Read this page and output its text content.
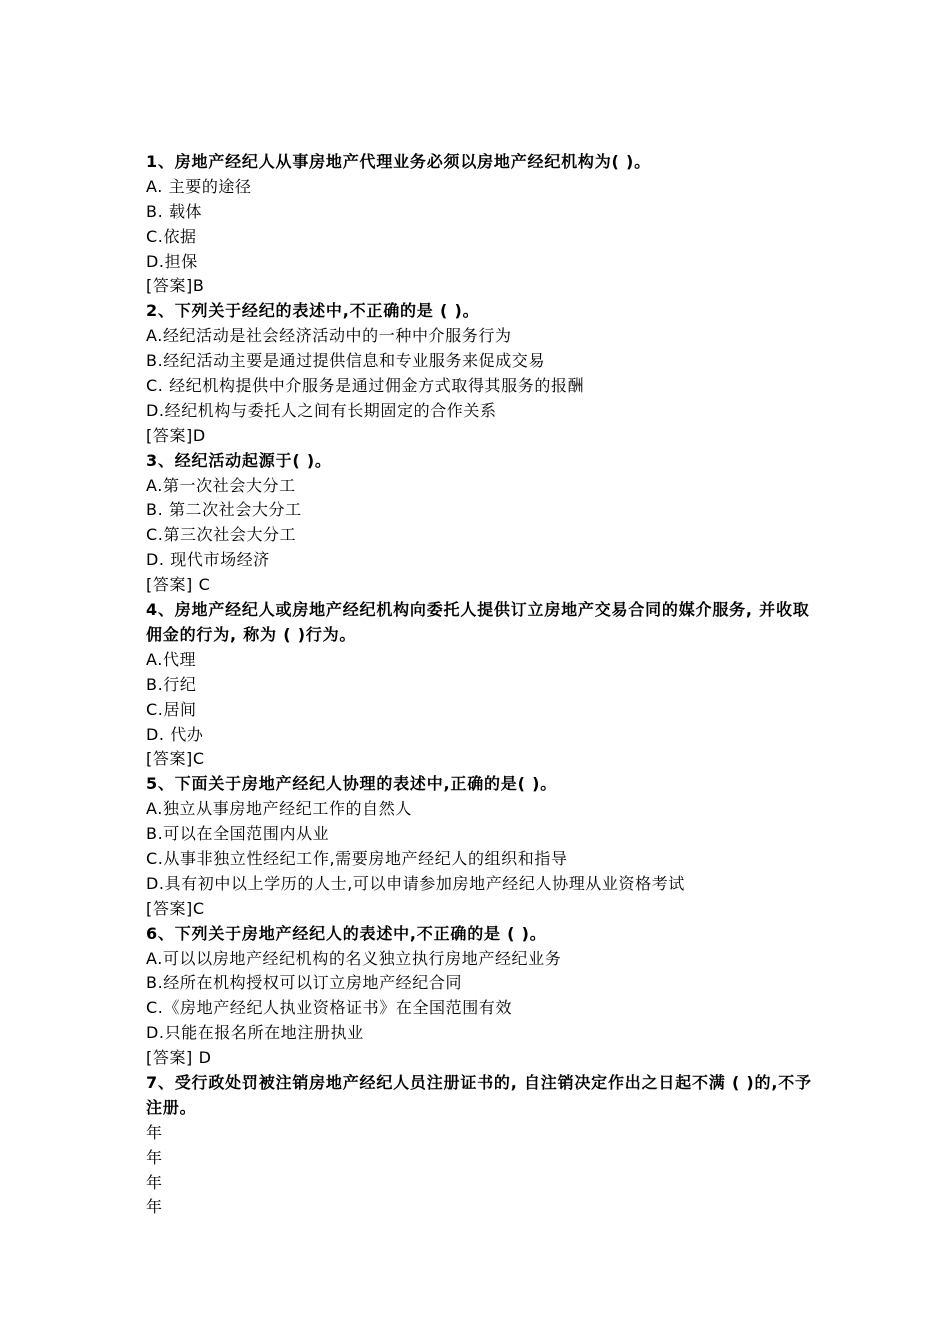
1、房地产经纪人从事房地产代理业务必须以房地产经纪机构为( )。
A. 主要的途径
B. 载体
C.依据
D.担保
[答案]B
2、下列关于经纪的表述中,不正确的是 ( )。
A.经纪活动是社会经济活动中的一种中介服务行为
B.经纪活动主要是通过提供信息和专业服务来促成交易
C. 经纪机构提供中介服务是通过佣金方式取得其服务的报酬
D.经纪机构与委托人之间有长期固定的合作关系
[答案]D
3、经纪活动起源于( )。
A.第一次社会大分工
B. 第二次社会大分工
C.第三次社会大分工
D. 现代市场经济
[答案] C
4、房地产经纪人或房地产经纪机构向委托人提供订立房地产交易合同的媒介服务, 并收取佣金的行为, 称为 ( )行为。
A.代理
B.行纪
C.居间
D. 代办
[答案]C
5、下面关于房地产经纪人协理的表述中,正确的是( )。
A.独立从事房地产经纪工作的自然人
B.可以在全国范围内从业
C.从事非独立性经纪工作,需要房地产经纪人的组织和指导
D.具有初中以上学历的人士,可以申请参加房地产经纪人协理从业资格考试
[答案]C
6、下列关于房地产经纪人的表述中,不正确的是 ( )。
A.可以以房地产经纪机构的名义独立执行房地产经纪业务
B.经所在机构授权可以订立房地产经纪合同
C.《房地产经纪人执业资格证书》在全国范围有效
D.只能在报名所在地注册执业
[答案] D
7、受行政处罚被注销房地产经纪人员注册证书的, 自注销决定作出之日起不满 ( )的,不予注册。
年
年
年
年
